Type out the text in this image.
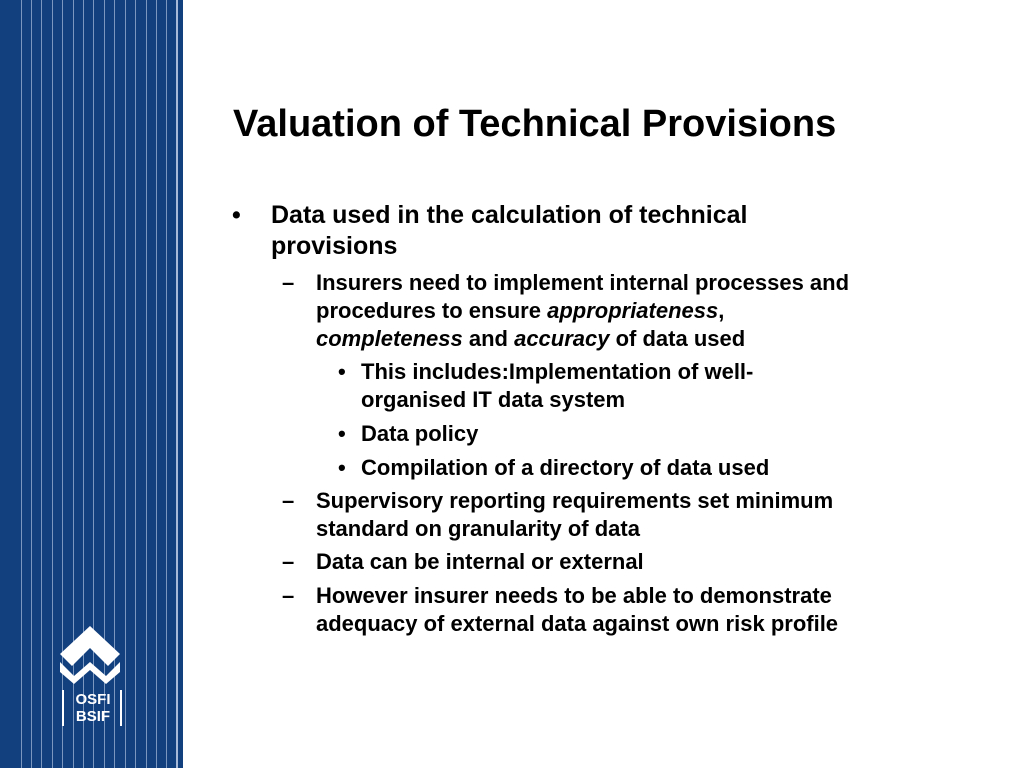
OSFI
BSIF
Valuation of Technical Provisions
• Data used in the calculation of technical
provisions
– Insurers need to implement internal processes and
procedures to ensure appropriateness,
completeness and accuracy of data used
• This includes:Implementation of well-
organised IT data system
• Data policy
• Compilation of a directory of data used
– Supervisory reporting requirements set minimum
standard on granularity of data
– Data can be internal or external
– However insurer needs to be able to demonstrate
adequacy of external data against own risk profile
